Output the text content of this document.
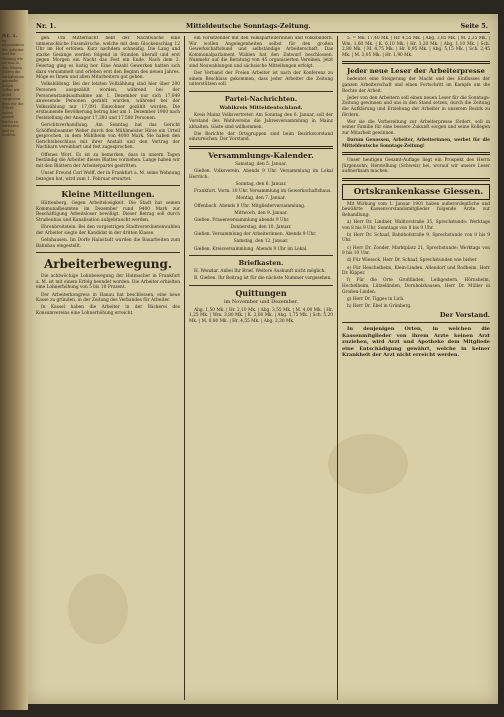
Nr. 1.
im allgemeinen der Arbeiter und der Zeitung wie sie uns in den letzten Jahren die Verhältnisse gebracht haben sollen wir nicht vergessen dass wir die Pflicht haben unsere Sache zu vertreten und zu fördern.
Nr. 1.	Mitteldeutsche Sonntags-Zeitung.	Seite 5.

gen. Um Mitternacht hebt der Nachtwache eine unmenschliche Fussmärsche, welche mit dem Glockenschlag 12 Uhr im Hof ertönen. Kurz nachdem schneidig. Die Lang und starke Gesänge werden folgend in Stunden überall und erst gegen Morgen ein Nacht das Fest ein Ende. Nach dem 2. Feiertag ging es lustig her. Eine Anzahl Gewerken hatten sich dazu versammelt und erleben erst den Beginn des neuen Jahres. Möge es Ihnen und allen Mitarbeitern gut gehen.

Volksbildung. Bei der letzten Vollzählung sind hier über 200 Personen ausgezählt worden, während bei der Personenstandsaufnahme am 1. Dezember nur sich 17,049 anwesende Personen gezählt wurden, während bei der Volkszählung nur 17,091 Einwohner gezählt wurden. Die erstaunende Bevölkerung betrug hier am 1. Dezember 1900 nach Feststellung der Ansager 17,393 und 17,580 Personen.

Gerichtsverhandlung. Am Sonntag hat das Gericht Schöffenbeamter Weber durch den Mühlmeister Hirse ein Urteil gesprochen, in dem Mühlheim von 4000 Mark. Sie haben den Gerichtsbeschluss mit ihrer Anstalt und den Vertrag der Nachbarn vereinbart und fest zugesprochen.

Offenes Wort. Es ist zu bemerken, dass in unsern Tagen beständig die Arbeiter dieses Blattes vorziehen. Lange haben wir mit den Blättern der Arbeiterpartei gestritten.

Unser Freund Carl Wolff, der in Frankfurt a. M. seine Wohnung bezogen hat, wird zum 1. Februar erwartet.

Kleine Mitteilungen.

Hüttenberg. Gegen Arbeitslosigkeit. Die Stadt hat seinen Kommunalbeamten im Dezember rund 9400 Mark zur Beschäftigung Arbeitsloser bewilligt. Dieser Betrag soll durch Straßenbau und Kanalisation aufgebraucht werden.

Ehrenbreitstein. Bei den vorgestrigen Stadtverordnetenwahlen der Arbeiter siegte der Kandidat in der dritten Klasse.

Gelnhausen. Im Dorfe Hainstadt wurden die Bauarbeiten zum Bahnbau eingestellt.

Arbeiterbewegung.

Die achtwöchige Lohnbewegung der Hutmacher in Frankfurt a. M. ist mit einem Erfolg beendet worden. Die Arbeiter erhielten eine Lohnerhöhung von 5 bis 10 Prozent.

Der Arbeiterkongress in Hanau hat beschlossen, eine neue Kasse zu gründen, in der Zeitung des Verbandes für Arbeiter.

In Kassel haben die Arbeiter in der Bäckerei des Konsumvereins eine Lohnerhöhung erreicht.

ein Vorsitzender mit den Volksparteilerinnen und Volksbildern. Wir wollen Angelegenheiten selbst für den großen Gewerkschaftsbund und selbständige Arbeiterschaft. Das Kommunalparlament Wahlen hat den Entwurf beschlossen. Nunmehr auf die Beratung von 45 organisierten Vereinen, jetzt sind Neuwahlungen und sächsische Mitteilungen erfolgt.

Der Verband der Freien Arbeiter ist nach der Konferenz zu einem Beschluss gekommen, dass jeder Arbeiter die Zeitung unterstützen soll.

Partei-Nachrichten.

Wahlkreis Mitteldeutschland.

Kreis Mainz Volksvertreter. Am Sonntag den 6. Januar, soll der Vorstand des Wahlvereins die Jahresversammlung in Mainz abhalten. Gäste sind willkommen.

Die Berichte der Ortsgruppen sind beim Bezirksvorstand einzureichen. Der Vorstand.

Versammlungs-Kalender.

Samstag, den 5. Januar.

Gießen. Volksverein. Abends 9 Uhr. Versammlung im Lokal Herrlich.

Sonntag, den 6. Januar.

Frankfurt. Vorm. 10 Uhr. Versammlung im Gewerkschaftshaus.

Montag, den 7. Januar.

Offenbach. Abends 8 Uhr. Mitgliederversammlung.

Mittwoch, den 9. Januar.

Gießen. Frauenversammlung abends 9 Uhr.

Donnerstag, den 10. Januar.

Gießen. Versammlung der Arbeiterinnen. Abends 9 Uhr.

Samstag, den 12. Januar.

Gießen. Kreisversammlung. Abends 9 Uhr im Lokal.

Briefkasten.

H. Wenzlar. Anbei Ihr Brief. Weitere Auskunft nicht möglich.

B. Gießen. Ihr Beitrag ist für die nächste Nummer vorgesehen.

Quittungen

im November und Dezember.

Abg. 1,50 Mk. | Hr. 2,10 Mk. | Abg. 3,55 Mk. | M. 4,00 Mk. | Hr. 1,25 Mk. | Wm. 3,80 Mk. | K. 2,00 Mk. | Abg. 1,75 Mk. | Sch. 5,20 Mk. | M. 0,80 Mk. | Hr. 4,55 Mk. | Abg. 2,30 Mk.

5. = Mk. 17,40 Mk. | Hr. 4,55 Mk. | Abg. 3,85 Mk. | M. 2,35 Mk. | Wm. 1,60 Mk. | K. 6,10 Mk. | Hr. 3,20 Mk. | Abg. 1,10 Mk. | Sch. 2,80 Mk. | M. 4,75 Mk. | Hr. 0,95 Mk. | Abg. 5,15 Mk. | Sch. 2,45 Mk. | M. 3,05 Mk. | Hr. 1,90 Mk.

Jeder neue Leser der Arbeiterpresse

bedeutet eine Steigerung der Macht und des Einflusses der ganzen Arbeiterschaft und einen Fortschritt im Kampfe um die Rechte der Arbeit.

Jeder von den Arbeitern soll einen neuen Leser für die Sonntags-Zeitung gewinnen und uns in den Stand setzen, durch die Zeitung die Aufklärung und Erziehung der Arbeiter in unserem Bezirk zu fördern.

Wer sie die Vorbereitung zur Arbeiterpresse fördert, soll in seiner Familie für eine bessere Zukunft sorgen und seine Kollegen zur Mitarbeit gewinnen.

Darum Genossen, Arbeiter, Arbeiterinnen, werbet für die Mitteldeutsche Sonntags-Zeitung!

Unser heutigen Gesamt-Auflage liegt ein Prospekt des Herrn Jürgensohn, Herstellung (Schweiz) bei, worauf wir unsere Leser aufmerksam machen.

Ortskrankenkasse Giessen.

Mit Wirkung vom 1. Januar 1901 haben außerordentliche und bewährte Kassenvorstandsmitglieder folgende Ärzte zur Behandlung:

a) Herr Dr. Lindner, Walltorstraße 35, Sprechstunde: Werktags von 8 bis 9 Uhr, Sonntags von 8 bis 9 Uhr.

b) Herr Dr. Schaaf, Bahnhofstraße 9, Sprechstunde von 8 bis 9 Uhr.

c) Herr Dr. Zonder, Marktplatz 21, Sprechstunde: Werktags von 9 bis 10 Uhr.

d) Für Wieseck, Herr Dr. Schaaf, Sprechstunden wie bisher.

e) Für Heuchelheim, Klein-Linden, Allendorf und Rodheim, Herr Dr. Kipper.

f) Für die Orte Großlinden, Leihgestern, Hörnsheim, Hochelheim, Lützellinden, Dornholzhausen, Herr Dr. Müller in Großen-Linden.

g) Herr Dr. Tigges in Lich.

h) Herr Dr. Ebel in Grünberg.

Der Vorstand.

In denjenigen Orten, in welchen die Kassenmitglieder von ihrem Arzte keinen Arzt zuziehen, wird Arzt und Apotheke dem Mitgliede eine Entschädigung gewährt, welche in keiner Krankheit der Arzt nicht erreicht werden.
